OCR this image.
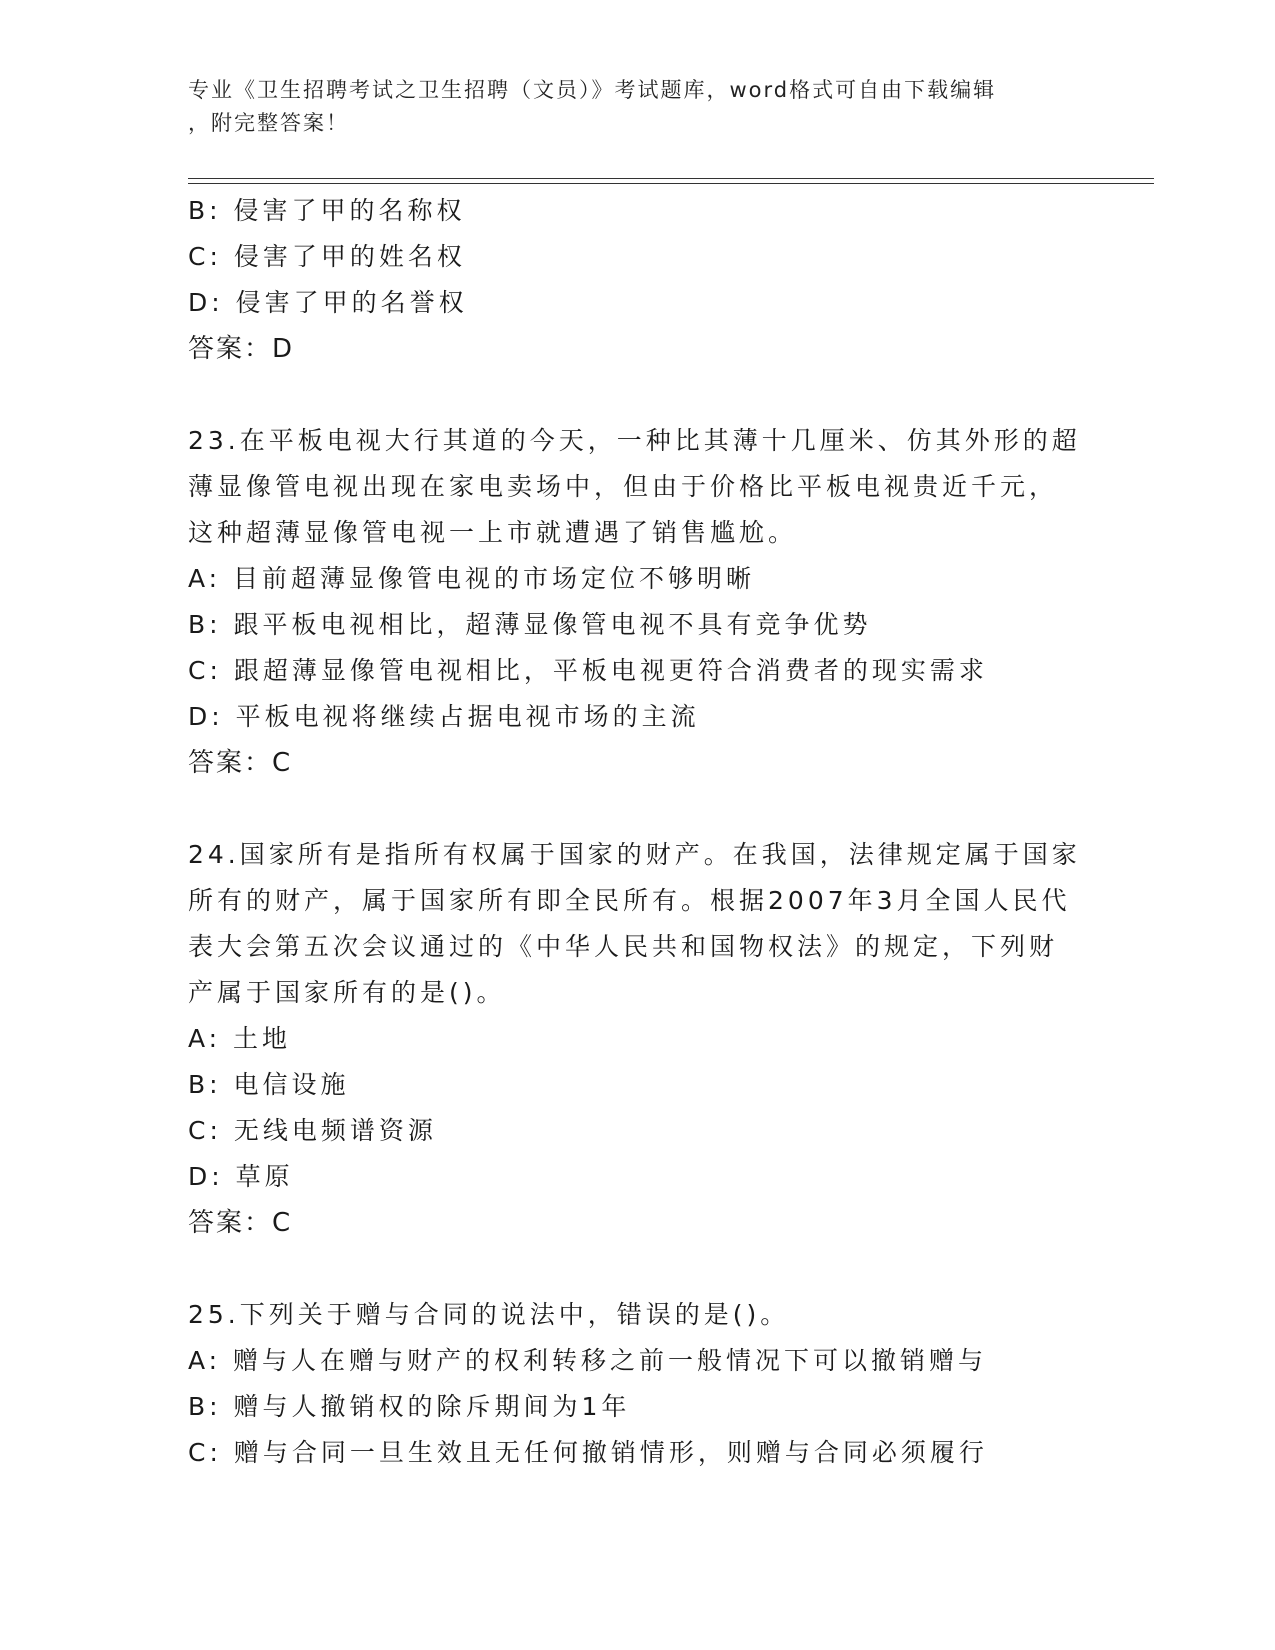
专业《卫生招聘考试之卫生招聘（文员）》考试题库，word格式可自由下载编辑
，附完整答案！
B: 侵害了甲的名称权
C: 侵害了甲的姓名权
D: 侵害了甲的名誉权
答案：D
23.在平板电视大行其道的今天，一种比其薄十几厘米、仿其外形的超
薄显像管电视出现在家电卖场中，但由于价格比平板电视贵近千元，
这种超薄显像管电视一上市就遭遇了销售尴尬。
A: 目前超薄显像管电视的市场定位不够明晰
B: 跟平板电视相比，超薄显像管电视不具有竞争优势
C: 跟超薄显像管电视相比，平板电视更符合消费者的现实需求
D: 平板电视将继续占据电视市场的主流
答案：C
24.国家所有是指所有权属于国家的财产。在我国，法律规定属于国家
所有的财产，属于国家所有即全民所有。根据2007年3月全国人民代
表大会第五次会议通过的《中华人民共和国物权法》的规定，下列财
产属于国家所有的是()。
A: 土地
B: 电信设施
C: 无线电频谱资源
D: 草原
答案：C
25.下列关于赠与合同的说法中，错误的是()。
A: 赠与人在赠与财产的权利转移之前一般情况下可以撤销赠与
B: 赠与人撤销权的除斥期间为1年
C: 赠与合同一旦生效且无任何撤销情形，则赠与合同必须履行
